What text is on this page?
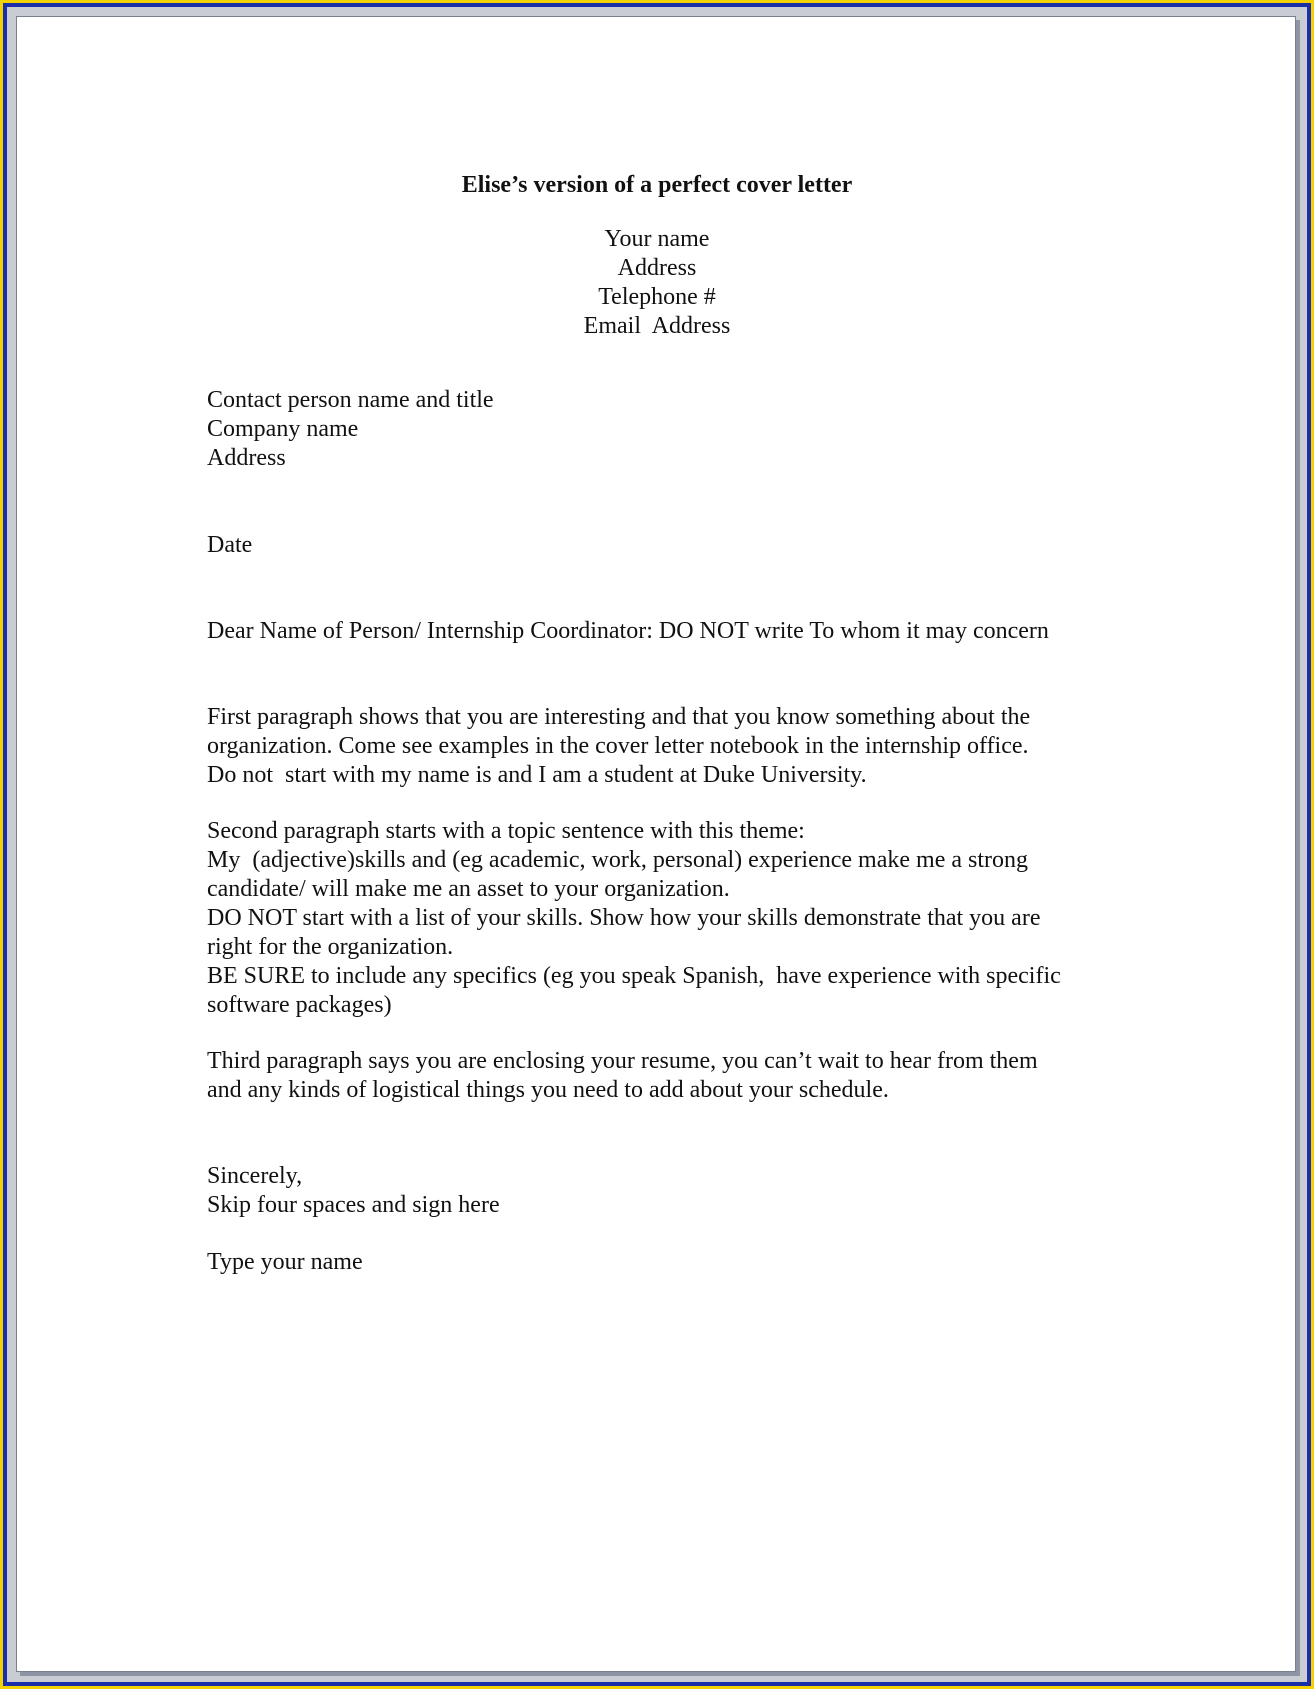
Elise’s version of a perfect cover letter
Your name
Address
Telephone #
Email  Address
Contact person name and title
Company name
Address
Date
Dear Name of Person/ Internship Coordinator: DO NOT write To whom it may concern
First paragraph shows that you are interesting and that you know something about the
organization. Come see examples in the cover letter notebook in the internship office.
Do not  start with my name is and I am a student at Duke University.
Second paragraph starts with a topic sentence with this theme:
My  (adjective)skills and (eg academic, work, personal) experience make me a strong
candidate/ will make me an asset to your organization.
DO NOT start with a list of your skills. Show how your skills demonstrate that you are
right for the organization.
BE SURE to include any specifics (eg you speak Spanish,  have experience with specific
software packages)
Third paragraph says you are enclosing your resume, you can’t wait to hear from them
and any kinds of logistical things you need to add about your schedule.
Sincerely,
Skip four spaces and sign here
Type your name
